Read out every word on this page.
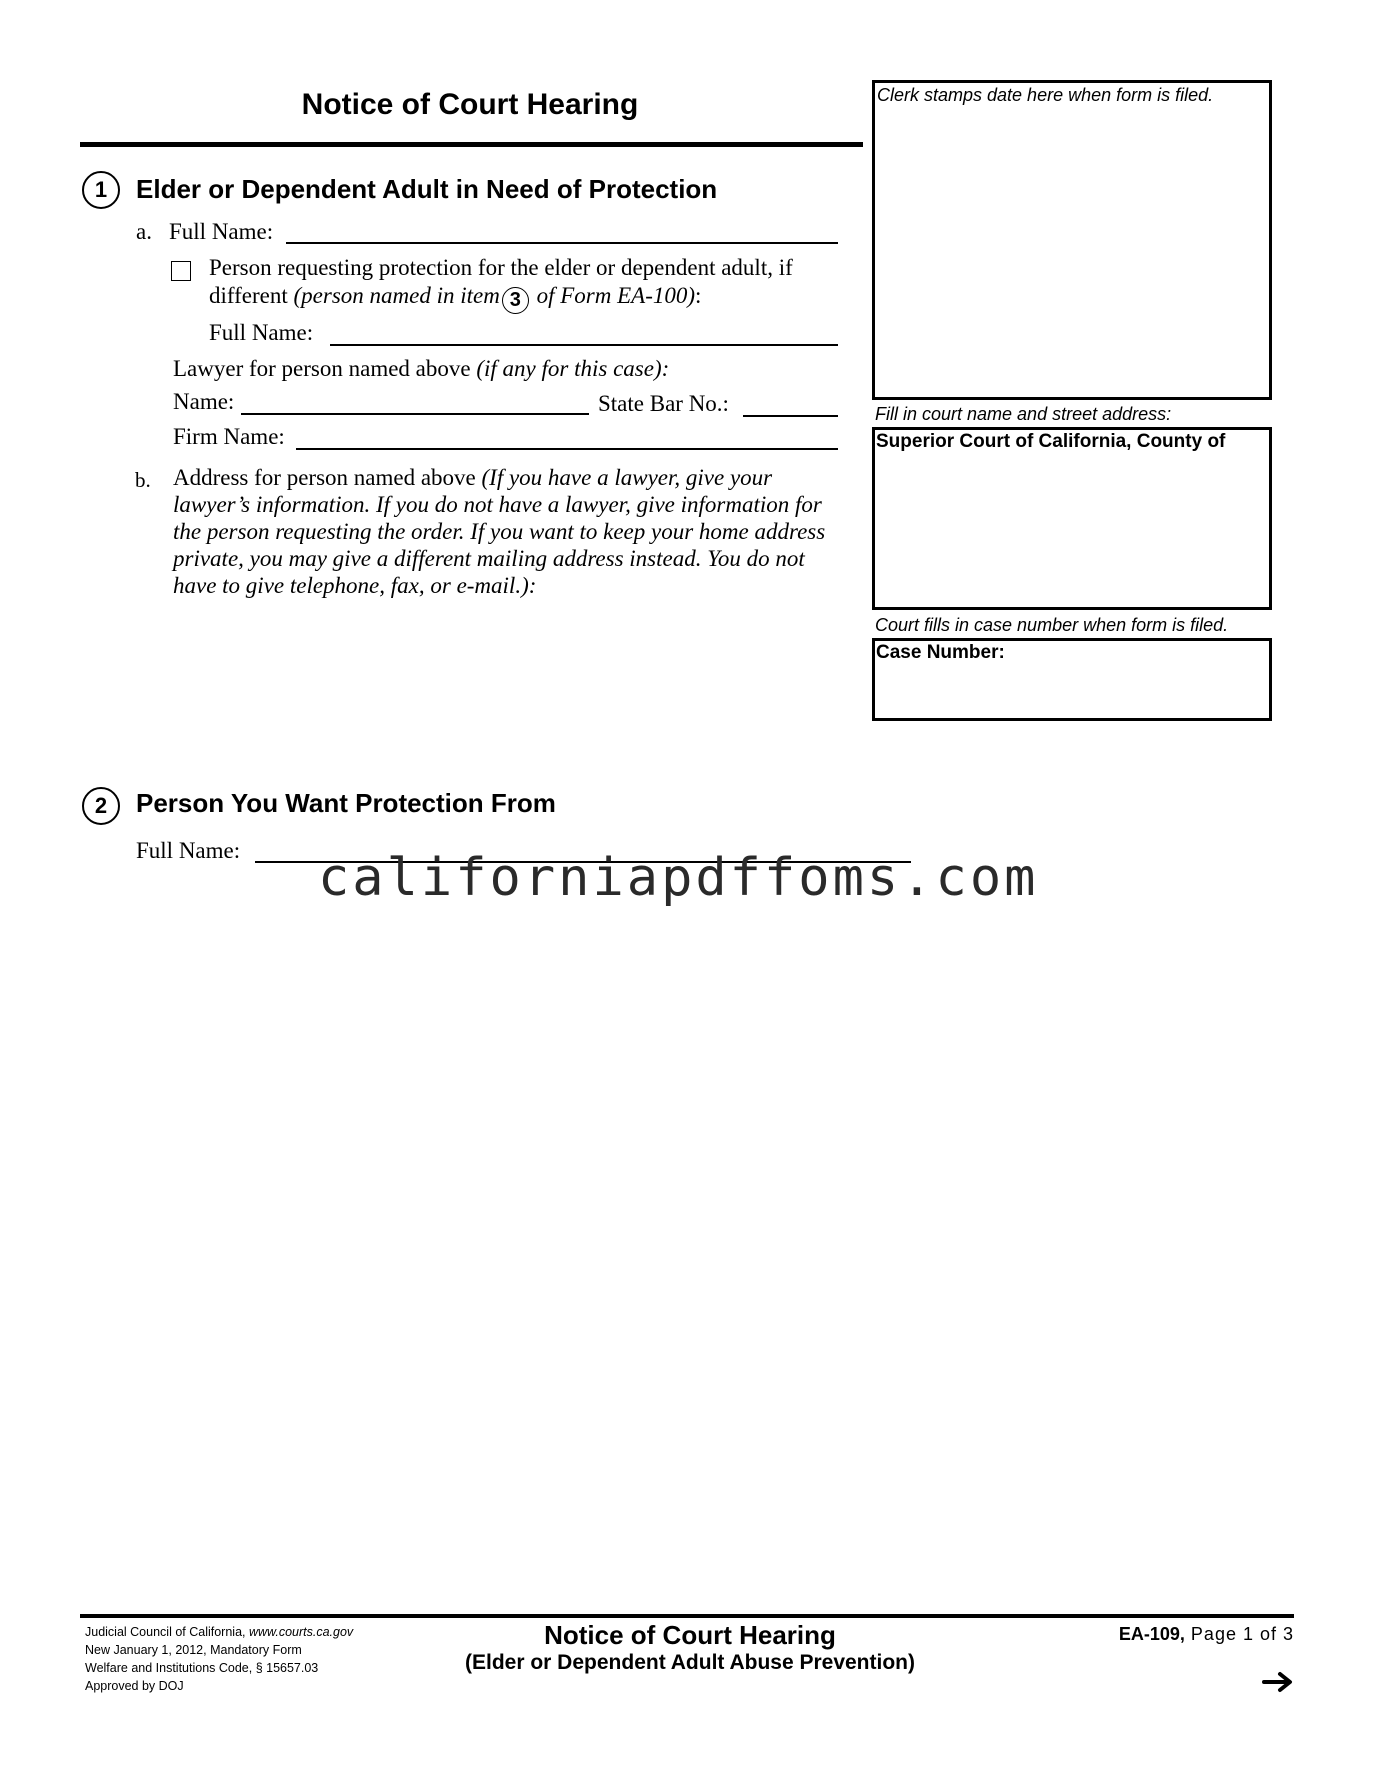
Notice of Court Hearing	Clerk stamps date here when form is filed.
Fill in court name and street address:
Superior Court of California, County of
Court fills in case number when form is filed.
Case Number:
1	Elder or Dependent Adult in Need of Protection
a. Full Name:
Person requesting protection for the elder or dependent adult, if
different (person named in item 3 of Form EA-100):
Full Name:
Lawyer for person named above (if any for this case):
Name:	State Bar No.:
Firm Name:
b. Address for person named above (If you have a lawyer, give your lawyer’s information. If you do not have a lawyer, give information for the person requesting the order. If you want to keep your home address private, you may give a different mailing address instead. You do not have to give telephone, fax, or e-mail.):
2	Person You Want Protection From
Full Name: californiapdffoms.com
Judicial Council of California, www.courts.ca.gov
New January 1, 2012, Mandatory Form
Welfare and Institutions Code, § 15657.03
Approved by DOJ
Notice of Court Hearing
(Elder or Dependent Adult Abuse Prevention)
EA-109, Page 1 of 3
